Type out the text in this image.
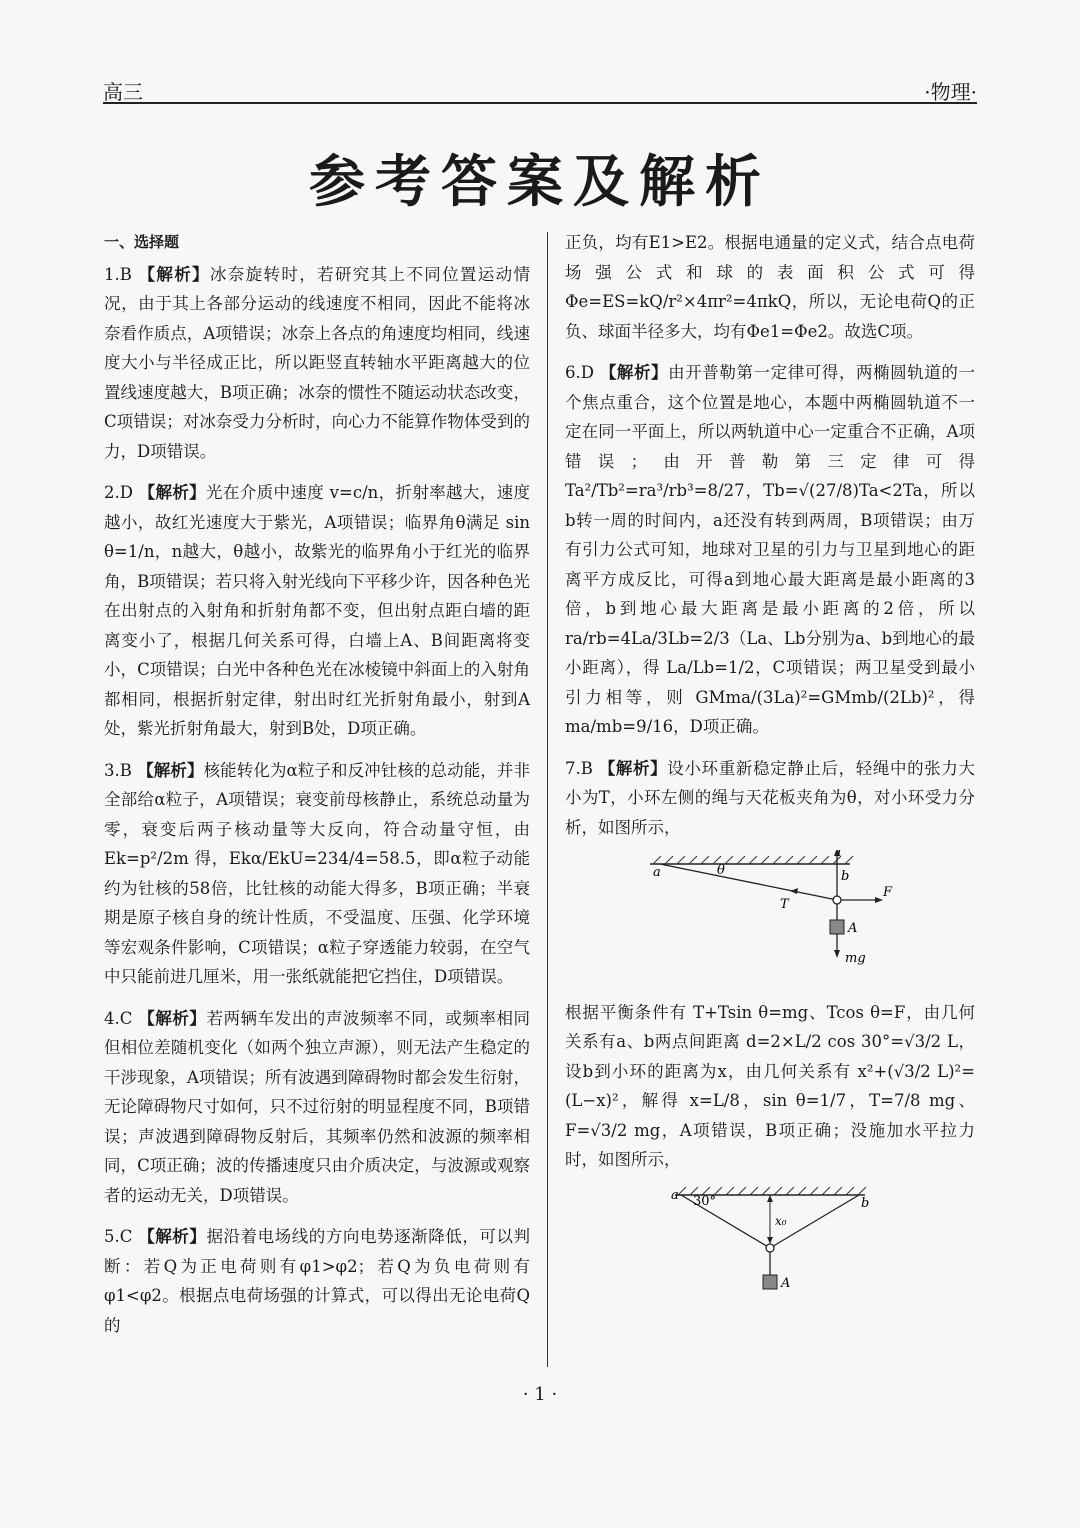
高三	·物理·
参考答案及解析
一、选择题

1.B 【解析】冰奈旋转时，若研究其上不同位置运动情况，由于其上各部分运动的线速度不相同，因此不能将冰奈看作质点，A项错误；冰奈上各点的角速度均相同，线速度大小与半径成正比，所以距竖直转轴水平距离越大的位置线速度越大，B项正确；冰奈的惯性不随运动状态改变，C项错误；对冰奈受力分析时，向心力不能算作物体受到的力，D项错误。

2.D 【解析】光在介质中速度 v=c/n，折射率越大，速度越小，故红光速度大于紫光，A项错误；临界角θ满足 sin θ=1/n，n越大，θ越小，故紫光的临界角小于红光的临界角，B项错误；若只将入射光线向下平移少许，因各种色光在出射点的入射角和折射角都不变，但出射点距白墙的距离变小了，根据几何关系可得，白墙上A、B间距离将变小，C项错误；白光中各种色光在冰棱镜中斜面上的入射角都相同，根据折射定律，射出时红光折射角最小，射到A处，紫光折射角最大，射到B处，D项正确。

3.B 【解析】核能转化为α粒子和反冲钍核的总动能，并非全部给α粒子，A项错误；衰变前母核静止，系统总动量为零，衰变后两子核动量等大反向，符合动量守恒，由 Ek=p²/2m 得，Ekα/EkU=234/4=58.5，即α粒子动能约为钍核的58倍，比钍核的动能大得多，B项正确；半衰期是原子核自身的统计性质，不受温度、压强、化学环境等宏观条件影响，C项错误；α粒子穿透能力较弱，在空气中只能前进几厘米，用一张纸就能把它挡住，D项错误。

4.C 【解析】若两辆车发出的声波频率不同，或频率相同但相位差随机变化（如两个独立声源），则无法产生稳定的干涉现象，A项错误；所有波遇到障碍物时都会发生衍射，无论障碍物尺寸如何，只不过衍射的明显程度不同，B项错误；声波遇到障碍物反射后，其频率仍然和波源的频率相同，C项正确；波的传播速度只由介质决定，与波源或观察者的运动无关，D项错误。

5.C 【解析】据沿着电场线的方向电势逐渐降低，可以判断：若Q为正电荷则有φ1>φ2；若Q为负电荷则有φ1<φ2。根据点电荷场强的计算式，可以得出无论电荷Q的

正负，均有E1>E2。根据电通量的定义式，结合点电荷场强公式和球的表面积公式可得 Φe=ES=kQ/r²×4πr²=4πkQ，所以，无论电荷Q的正负、球面半径多大，均有Φe1=Φe2。故选C项。

6.D 【解析】由开普勒第一定律可得，两椭圆轨道的一个焦点重合，这个位置是地心，本题中两椭圆轨道不一定在同一平面上，所以两轨道中心一定重合不正确，A项错误；由开普勒第三定律可得 Ta²/Tb²=ra³/rb³=8/27，Tb=√(27/8)Ta<2Ta，所以b转一周的时间内，a还没有转到两周，B项错误；由万有引力公式可知，地球对卫星的引力与卫星到地心的距离平方成反比，可得a到地心最大距离是最小距离的3倍，b到地心最大距离是最小距离的2倍，所以 ra/rb=4La/3Lb=2/3（La、Lb分别为a、b到地心的最小距离），得 La/Lb=1/2，C项错误；两卫星受到最小引力相等，则 GMma/(3La)²=GMmb/(2Lb)²，得 ma/mb=9/16，D项正确。

7.B 【解析】设小环重新稳定静止后，轻绳中的张力大小为T，小环左侧的绳与天花板夹角为θ，对小环受力分析，如图所示，

a	θ	b
T
T
F
A
mg

根据平衡条件有 T+Tsin θ=mg、Tcos θ=F，由几何关系有a、b两点间距离 d=2×L/2 cos 30°=√3/2 L，设b到小环的距离为x，由几何关系有 x²+(√3/2 L)²=(L−x)²，解得 x=L/8，sin θ=1/7，T=7/8 mg、F=√3/2 mg，A项错误，B项正确；没施加水平拉力时，如图所示，

a 30°	b
x₀
A
· 1 ·
